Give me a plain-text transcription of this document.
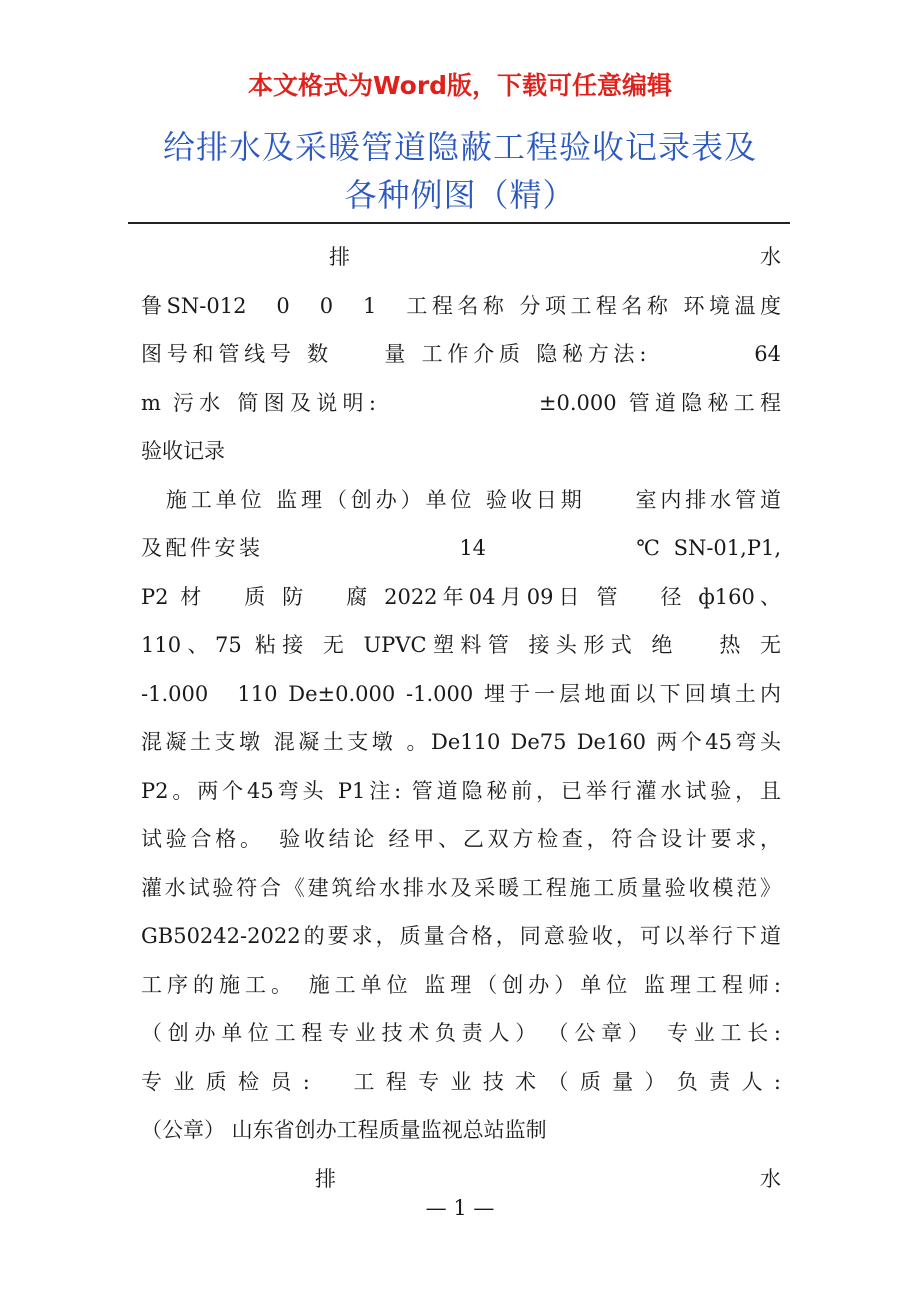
本文格式为Word版，下载可任意编辑
给排水及采暖管道隐蔽工程验收记录表及
各种例图（精）
排	水
鲁SN-012　0　0　1　工程名称 分项工程名称 环境温度
图号和管线号 数　　量 工作介质 隐秘方法:　　　　64
m 污水 简图及说明:　　　　　　±0.000 管道隐秘工程
验收记录
　施工单位 监理（创办）单位 验收日期　　室内排水管道
及配件安装　　　　　　　　14　　　　　　℃ SN-01,P1,
P2 材　 质 防　 腐 2022年04月09日 管　 径 ф160、
110、75 粘接 无 UPVC塑料管 接头形式 绝　 热 无
-1.000　110 De±0.000 -1.000 埋于一层地面以下回填土内
混凝土支墩 混凝土支墩 。De110 De75 De160 两个45弯头
P2。两个45弯头 P1注: 管道隐秘前，已举行灌水试验，且
试验合格。　验收结论 经甲、乙双方检查，符合设计要求，
灌水试验符合《建筑给水排水及采暖工程施工质量验收模范》
GB50242-2022的要求，质量合格，同意验收，可以举行下道
工序的施工。 施工单位 监理（创办）单位 监理工程师:
（创办单位工程专业技术负责人）　（公章） 专业工长:
专业质检员:　工程专业技术（质量）负责人:
（公章） 山东省创办工程质量监视总站监制
排	水
— 1 —
